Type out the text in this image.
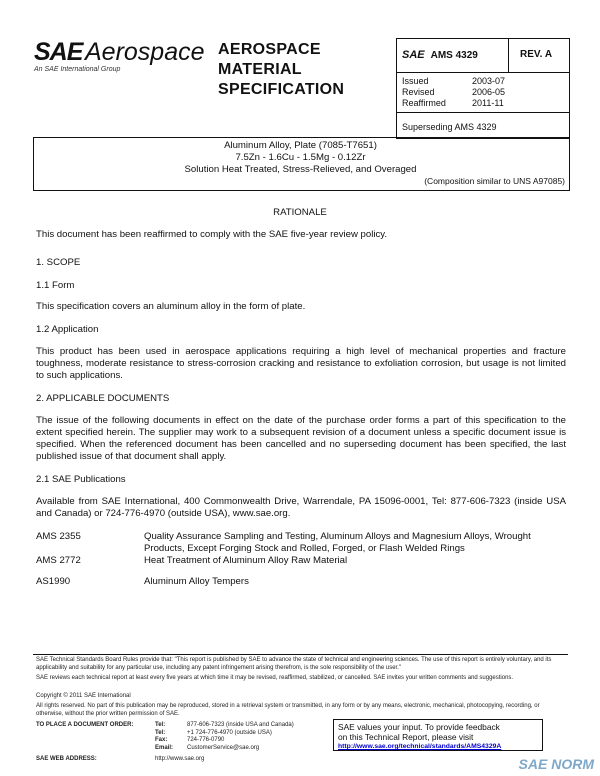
SAE Aerospace
An SAE International Group
AEROSPACE
MATERIAL
SPECIFICATION
SAE AMS 4329	REV. A
Issued	2003-07
Revised	2006-05
Reaffirmed	2011-11
Superseding AMS 4329
Aluminum Alloy, Plate (7085-T7651)
7.5Zn - 1.6Cu - 1.5Mg - 0.12Zr
Solution Heat Treated, Stress-Relieved, and Overaged
(Composition similar to UNS A97085)
RATIONALE
This document has been reaffirmed to comply with the SAE five-year review policy.
1. SCOPE
1.1 Form
This specification covers an aluminum alloy in the form of plate.
1.2 Application
This product has been used in aerospace applications requiring a high level of mechanical properties and fracture toughness, moderate resistance to stress-corrosion cracking and resistance to exfoliation corrosion, but usage is not limited to such applications.
2. APPLICABLE DOCUMENTS
The issue of the following documents in effect on the date of the purchase order forms a part of this specification to the extent specified herein. The supplier may work to a subsequent revision of a document unless a specific document issue is specified. When the referenced document has been cancelled and no superseding document has been specified, the last published issue of that document shall apply.
2.1 SAE Publications
Available from SAE International, 400 Commonwealth Drive, Warrendale, PA 15096-0001, Tel: 877-606-7323 (inside USA and Canada) or 724-776-4970 (outside USA), www.sae.org.
AMS 2355	Quality Assurance Sampling and Testing, Aluminum Alloys and Magnesium Alloys, Wrought Products, Except Forging Stock and Rolled, Forged, or Flash Welded Rings
AMS 2772	Heat Treatment of Aluminum Alloy Raw Material
AS1990	Aluminum Alloy Tempers
SAE Technical Standards Board Rules provide that: "This report is published by SAE to advance the state of technical and engineering sciences. The use of this report is entirely voluntary, and its applicability and suitability for any particular use, including any patent infringement arising therefrom, is the sole responsibility of the user."
SAE reviews each technical report at least every five years at which time it may be revised, reaffirmed, stabilized, or cancelled. SAE invites your written comments and suggestions.
Copyright © 2011 SAE International
All rights reserved. No part of this publication may be reproduced, stored in a retrieval system or transmitted, in any form or by any means, electronic, mechanical, photocopying, recording, or otherwise, without the prior written permission of SAE.
TO PLACE A DOCUMENT ORDER:	Tel:	877-606-7323 (inside USA and Canada)
Tel:	+1 724-776-4970 (outside USA)
Fax:	724-776-0790
Email: CustomerService@sae.org
SAE WEB ADDRESS:	http://www.sae.org
SAE values your input. To provide feedback
on this Technical Report, please visit
http://www.sae.org/technical/standards/AMS4329A
SAE NORM
